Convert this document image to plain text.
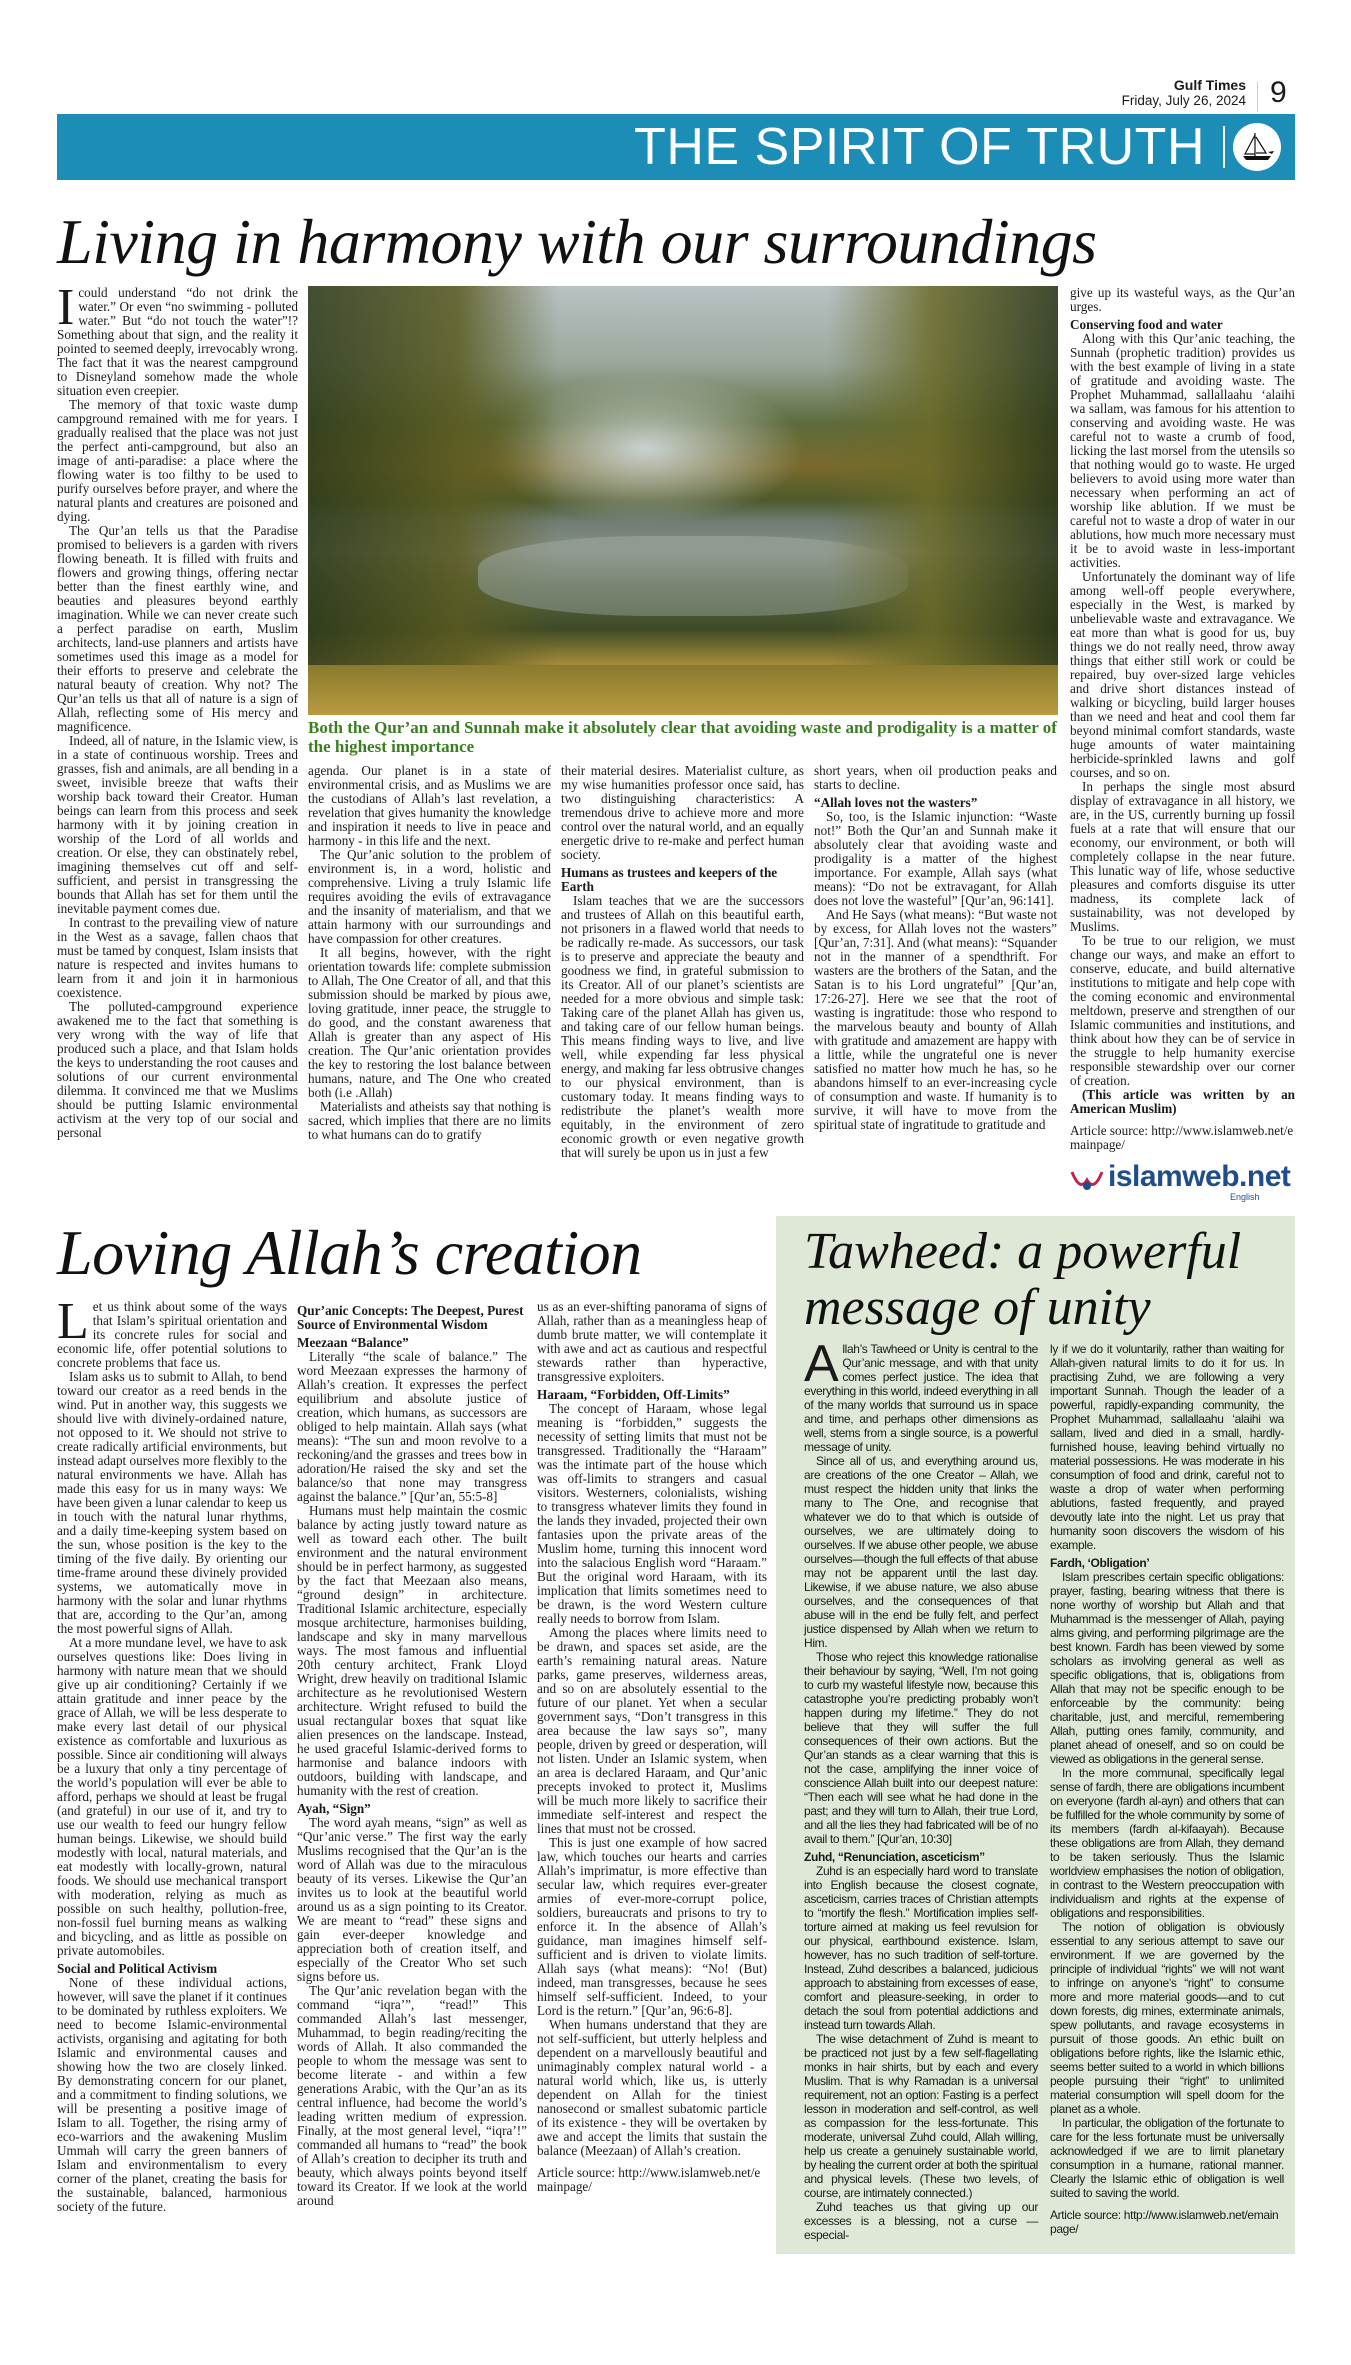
Gulf Times
Friday, July 26, 2024 9
THE SPIRIT OF TRUTH
Living in harmony with our surroundings

I could understand “do not drink the water.” Or even “no swimming - polluted water.” But “do not touch the water”!? Something about that sign, and the reality it pointed to seemed deeply, irrevocably wrong. The fact that it was the nearest campground to Disneyland somehow made the whole situation even creepier.

The memory of that toxic waste dump campground remained with me for years. I gradually realised that the place was not just the perfect anti-campground, but also an image of anti-paradise: a place where the flowing water is too filthy to be used to purify ourselves before prayer, and where the natural plants and creatures are poisoned and dying.

The Qur’an tells us that the Paradise promised to believers is a garden with rivers flowing beneath. It is filled with fruits and flowers and growing things, offering nectar better than the finest earthly wine, and beauties and pleasures beyond earthly imagination. While we can never create such a perfect paradise on earth, Muslim architects, land-use planners and artists have sometimes used this image as a model for their efforts to preserve and celebrate the natural beauty of creation. Why not? The Qur’an tells us that all of nature is a sign of Allah, reflecting some of His mercy and magnificence.

Indeed, all of nature, in the Islamic view, is in a state of continuous worship. Trees and grasses, fish and animals, are all bending in a sweet, invisible breeze that wafts their worship back toward their Creator. Human beings can learn from this process and seek harmony with it by joining creation in worship of the Lord of all worlds and creation. Or else, they can obstinately rebel, imagining themselves cut off and self-sufficient, and persist in transgressing the bounds that Allah has set for them until the inevitable payment comes due.

In contrast to the prevailing view of nature in the West as a savage, fallen chaos that must be tamed by conquest, Islam insists that nature is respected and invites humans to learn from it and join it in harmonious coexistence.

The polluted-campground experience awakened me to the fact that something is very wrong with the way of life that produced such a place, and that Islam holds the keys to understanding the root causes and solutions of our current environmental dilemma. It convinced me that we Muslims should be putting Islamic environmental activism at the very top of our social and personal

Both the Qur’an and Sunnah make it absolutely clear that avoiding waste and prodigality is a matter of the highest importance

agenda. Our planet is in a state of environmental crisis, and as Muslims we are the custodians of Allah’s last revelation, a revelation that gives humanity the knowledge and inspiration it needs to live in peace and harmony - in this life and the next.

The Qur’anic solution to the problem of environment is, in a word, holistic and comprehensive. Living a truly Islamic life requires avoiding the evils of extravagance and the insanity of materialism, and that we attain harmony with our surroundings and have compassion for other creatures.

It all begins, however, with the right orientation towards life: complete submission to Allah, The One Creator of all, and that this submission should be marked by pious awe, loving gratitude, inner peace, the struggle to do good, and the constant awareness that Allah is greater than any aspect of His creation. The Qur’anic orientation provides the key to restoring the lost balance between humans, nature, and The One who created both (i.e .Allah)

Materialists and atheists say that nothing is sacred, which implies that there are no limits to what humans can do to gratify

their material desires. Materialist culture, as my wise humanities professor once said, has two distinguishing characteristics: A tremendous drive to achieve more and more control over the natural world, and an equally energetic drive to re-make and perfect human society.

Humans as trustees and keepers of the Earth

Islam teaches that we are the successors and trustees of Allah on this beautiful earth, not prisoners in a flawed world that needs to be radically re-made. As successors, our task is to preserve and appreciate the beauty and goodness we find, in grateful submission to its Creator. All of our planet’s scientists are needed for a more obvious and simple task: Taking care of the planet Allah has given us, and taking care of our fellow human beings. This means finding ways to live, and live well, while expending far less physical energy, and making far less obtrusive changes to our physical environment, than is customary today. It means finding ways to redistribute the planet’s wealth more equitably, in the environment of zero economic growth or even negative growth that will surely be upon us in just a few

short years, when oil production peaks and starts to decline.

“Allah loves not the wasters”

So, too, is the Islamic injunction: “Waste not!” Both the Qur’an and Sunnah make it absolutely clear that avoiding waste and prodigality is a matter of the highest importance. For example, Allah says (what means): “Do not be extravagant, for Allah does not love the wasteful” [Qur’an, 96:141].

And He Says (what means): “But waste not by excess, for Allah loves not the wasters” [Qur’an, 7:31]. And (what means): “Squander not in the manner of a spendthrift. For wasters are the brothers of the Satan, and the Satan is to his Lord ungrateful” [Qur’an, 17:26-27]. Here we see that the root of wasting is ingratitude: those who respond to the marvelous beauty and bounty of Allah with gratitude and amazement are happy with a little, while the ungrateful one is never satisfied no matter how much he has, so he abandons himself to an ever-increasing cycle of consumption and waste. If humanity is to survive, it will have to move from the spiritual state of ingratitude to gratitude and

give up its wasteful ways, as the Qur’an urges.

Conserving food and water

Along with this Qur’anic teaching, the Sunnah (prophetic tradition) provides us with the best example of living in a state of gratitude and avoiding waste. The Prophet Muhammad, sallallaahu ‘alaihi wa sallam, was famous for his attention to conserving and avoiding waste. He was careful not to waste a crumb of food, licking the last morsel from the utensils so that nothing would go to waste. He urged believers to avoid using more water than necessary when performing an act of worship like ablution. If we must be careful not to waste a drop of water in our ablutions, how much more necessary must it be to avoid waste in less-important activities.

Unfortunately the dominant way of life among well-off people everywhere, especially in the West, is marked by unbelievable waste and extravagance. We eat more than what is good for us, buy things we do not really need, throw away things that either still work or could be repaired, buy over-sized large vehicles and drive short distances instead of walking or bicycling, build larger houses than we need and heat and cool them far beyond minimal comfort standards, waste huge amounts of water maintaining herbicide-sprinkled lawns and golf courses, and so on.

In perhaps the single most absurd display of extravagance in all history, we are, in the US, currently burning up fossil fuels at a rate that will ensure that our economy, our environment, or both will completely collapse in the near future. This lunatic way of life, whose seductive pleasures and comforts disguise its utter madness, its complete lack of sustainability, was not developed by Muslims.

To be true to our religion, we must change our ways, and make an effort to conserve, educate, and build alternative institutions to mitigate and help cope with the coming economic and environmental meltdown, preserve and strengthen of our Islamic communities and institutions, and think about how they can be of service in the struggle to help humanity exercise responsible stewardship over our corner of creation.

(This article was written by an American Muslim)

Article source: http://www.islamweb.net/emainpage/

islamweb.net
English
Loving Allah’s creation

Let us think about some of the ways that Islam’s spiritual orientation and its concrete rules for social and economic life, offer potential solutions to concrete problems that face us.

Islam asks us to submit to Allah, to bend toward our creator as a reed bends in the wind. Put in another way, this suggests we should live with divinely-ordained nature, not opposed to it. We should not strive to create radically artificial environments, but instead adapt ourselves more flexibly to the natural environments we have. Allah has made this easy for us in many ways: We have been given a lunar calendar to keep us in touch with the natural lunar rhythms, and a daily time-keeping system based on the sun, whose position is the key to the timing of the five daily. By orienting our time-frame around these divinely provided systems, we automatically move in harmony with the solar and lunar rhythms that are, according to the Qur’an, among the most powerful signs of Allah.

At a more mundane level, we have to ask ourselves questions like: Does living in harmony with nature mean that we should give up air conditioning? Certainly if we attain gratitude and inner peace by the grace of Allah, we will be less desperate to make every last detail of our physical existence as comfortable and luxurious as possible. Since air conditioning will always be a luxury that only a tiny percentage of the world’s population will ever be able to afford, perhaps we should at least be frugal (and grateful) in our use of it, and try to use our wealth to feed our hungry fellow human beings. Likewise, we should build modestly with local, natural materials, and eat modestly with locally-grown, natural foods. We should use mechanical transport with moderation, relying as much as possible on such healthy, pollution-free, non-fossil fuel burning means as walking and bicycling, and as little as possible on private automobiles.

Social and Political Activism

None of these individual actions, however, will save the planet if it continues to be dominated by ruthless exploiters. We need to become Islamic-environmental activists, organising and agitating for both Islamic and environmental causes and showing how the two are closely linked. By demonstrating concern for our planet, and a commitment to finding solutions, we will be presenting a positive image of Islam to all. Together, the rising army of eco-warriors and the awakening Muslim Ummah will carry the green banners of Islam and environmentalism to every corner of the planet, creating the basis for the sustainable, balanced, harmonious society of the future.

Qur’anic Concepts: The Deepest, Purest Source of Environmental Wisdom
Meezaan “Balance”

Literally “the scale of balance.” The word Meezaan expresses the harmony of Allah’s creation. It expresses the perfect equilibrium and absolute justice of creation, which humans, as successors are obliged to help maintain. Allah says (what means): “The sun and moon revolve to a reckoning/and the grasses and trees bow in adoration/He raised the sky and set the balance/so that none may transgress against the balance.” [Qur’an, 55:5-8]

Humans must help maintain the cosmic balance by acting justly toward nature as well as toward each other. The built environment and the natural environment should be in perfect harmony, as suggested by the fact that Meezaan also means, “ground design” in architecture. Traditional Islamic architecture, especially mosque architecture, harmonises building, landscape and sky in many marvellous ways. The most famous and influential 20th century architect, Frank Lloyd Wright, drew heavily on traditional Islamic architecture as he revolutionised Western architecture. Wright refused to build the usual rectangular boxes that squat like alien presences on the landscape. Instead, he used graceful Islamic-derived forms to harmonise and balance indoors with outdoors, building with landscape, and humanity with the rest of creation.

Ayah, “Sign”

The word ayah means, “sign” as well as “Qur’anic verse.” The first way the early Muslims recognised that the Qur’an is the word of Allah was due to the miraculous beauty of its verses. Likewise the Qur’an invites us to look at the beautiful world around us as a sign pointing to its Creator. We are meant to “read” these signs and gain ever-deeper knowledge and appreciation both of creation itself, and especially of the Creator Who set such signs before us.

The Qur’anic revelation began with the command “iqra’”, “read!” This commanded Allah’s last messenger, Muhammad, to begin reading/reciting the words of Allah. It also commanded the people to whom the message was sent to become literate - and within a few generations Arabic, with the Qur’an as its central influence, had become the world’s leading written medium of expression. Finally, at the most general level, “iqra’!” commanded all humans to “read” the book of Allah’s creation to decipher its truth and beauty, which always points beyond itself toward its Creator. If we look at the world around

us as an ever-shifting panorama of signs of Allah, rather than as a meaningless heap of dumb brute matter, we will contemplate it with awe and act as cautious and respectful stewards rather than hyperactive, transgressive exploiters.

Haraam, “Forbidden, Off-Limits”

The concept of Haraam, whose legal meaning is “forbidden,” suggests the necessity of setting limits that must not be transgressed. Traditionally the “Haraam” was the intimate part of the house which was off-limits to strangers and casual visitors. Westerners, colonialists, wishing to transgress whatever limits they found in the lands they invaded, projected their own fantasies upon the private areas of the Muslim home, turning this innocent word into the salacious English word “Haraam.” But the original word Haraam, with its implication that limits sometimes need to be drawn, is the word Western culture really needs to borrow from Islam.

Among the places where limits need to be drawn, and spaces set aside, are the earth’s remaining natural areas. Nature parks, game preserves, wilderness areas, and so on are absolutely essential to the future of our planet. Yet when a secular government says, “Don’t transgress in this area because the law says so”, many people, driven by greed or desperation, will not listen. Under an Islamic system, when an area is declared Haraam, and Qur’anic precepts invoked to protect it, Muslims will be much more likely to sacrifice their immediate self-interest and respect the lines that must not be crossed.

This is just one example of how sacred law, which touches our hearts and carries Allah’s imprimatur, is more effective than secular law, which requires ever-greater armies of ever-more-corrupt police, soldiers, bureaucrats and prisons to try to enforce it. In the absence of Allah’s guidance, man imagines himself self-sufficient and is driven to violate limits. Allah says (what means): “No! (But) indeed, man transgresses, because he sees himself self-sufficient. Indeed, to your Lord is the return.” [Qur’an, 96:6-8].

When humans understand that they are not self-sufficient, but utterly helpless and dependent on a marvellously beautiful and unimaginably complex natural world - a natural world which, like us, is utterly dependent on Allah for the tiniest nanosecond or smallest subatomic particle of its existence - they will be overtaken by awe and accept the limits that sustain the balance (Meezaan) of Allah’s creation.

Article source: http://www.islamweb.net/emainpage/

Tawheed: a powerful message of unity

Allah’s Tawheed or Unity is central to the Qur’anic message, and with that unity comes perfect justice. The idea that everything in this world, indeed everything in all of the many worlds that surround us in space and time, and perhaps other dimensions as well, stems from a single source, is a powerful message of unity.

Since all of us, and everything around us, are creations of the one Creator – Allah, we must respect the hidden unity that links the many to The One, and recognise that whatever we do to that which is outside of ourselves, we are ultimately doing to ourselves. If we abuse other people, we abuse ourselves—though the full effects of that abuse may not be apparent until the last day. Likewise, if we abuse nature, we also abuse ourselves, and the consequences of that abuse will in the end be fully felt, and perfect justice dispensed by Allah when we return to Him.

Those who reject this knowledge rationalise their behaviour by saying, “Well, I’m not going to curb my wasteful lifestyle now, because this catastrophe you’re predicting probably won’t happen during my lifetime.” They do not believe that they will suffer the full consequences of their own actions. But the Qur’an stands as a clear warning that this is not the case, amplifying the inner voice of conscience Allah built into our deepest nature: “Then each will see what he had done in the past; and they will turn to Allah, their true Lord, and all the lies they had fabricated will be of no avail to them.” [Qur’an, 10:30]

Zuhd, “Renunciation, asceticism”

Zuhd is an especially hard word to translate into English because the closest cognate, asceticism, carries traces of Christian attempts to “mortify the flesh.” Mortification implies self-torture aimed at making us feel revulsion for our physical, earthbound existence. Islam, however, has no such tradition of self-torture. Instead, Zuhd describes a balanced, judicious approach to abstaining from excesses of ease, comfort and pleasure-seeking, in order to detach the soul from potential addictions and instead turn towards Allah.

The wise detachment of Zuhd is meant to be practiced not just by a few self-flagellating monks in hair shirts, but by each and every Muslim. That is why Ramadan is a universal requirement, not an option: Fasting is a perfect lesson in moderation and self-control, as well as compassion for the less-fortunate. This moderate, universal Zuhd could, Allah willing, help us create a genuinely sustainable world, by healing the current order at both the spiritual and physical levels. (These two levels, of course, are intimately connected.)

Zuhd teaches us that giving up our excesses is a blessing, not a curse — especial-

ly if we do it voluntarily, rather than waiting for Allah-given natural limits to do it for us. In practising Zuhd, we are following a very important Sunnah. Though the leader of a powerful, rapidly-expanding community, the Prophet Muhammad, sallallaahu ‘alaihi wa sallam, lived and died in a small, hardly-furnished house, leaving behind virtually no material possessions. He was moderate in his consumption of food and drink, careful not to waste a drop of water when performing ablutions, fasted frequently, and prayed devoutly late into the night. Let us pray that humanity soon discovers the wisdom of his example.

Fardh, ‘Obligation’

Islam prescribes certain specific obligations: prayer, fasting, bearing witness that there is none worthy of worship but Allah and that Muhammad is the messenger of Allah, paying alms giving, and performing pilgrimage are the best known. Fardh has been viewed by some scholars as involving general as well as specific obligations, that is, obligations from Allah that may not be specific enough to be enforceable by the community: being charitable, just, and merciful, remembering Allah, putting ones family, community, and planet ahead of oneself, and so on could be viewed as obligations in the general sense.

In the more communal, specifically legal sense of fardh, there are obligations incumbent on everyone (fardh al-ayn) and others that can be fulfilled for the whole community by some of its members (fardh al-kifaayah). Because these obligations are from Allah, they demand to be taken seriously. Thus the Islamic worldview emphasises the notion of obligation, in contrast to the Western preoccupation with individualism and rights at the expense of obligations and responsibilities.

The notion of obligation is obviously essential to any serious attempt to save our environment. If we are governed by the principle of individual “rights” we will not want to infringe on anyone’s “right” to consume more and more material goods—and to cut down forests, dig mines, exterminate animals, spew pollutants, and ravage ecosystems in pursuit of those goods. An ethic built on obligations before rights, like the Islamic ethic, seems better suited to a world in which billions people pursuing their “right” to unlimited material consumption will spell doom for the planet as a whole.

In particular, the obligation of the fortunate to care for the less fortunate must be universally acknowledged if we are to limit planetary consumption in a humane, rational manner. Clearly the Islamic ethic of obligation is well suited to saving the world.

Article source: http://www.islamweb.net/emainpage/
